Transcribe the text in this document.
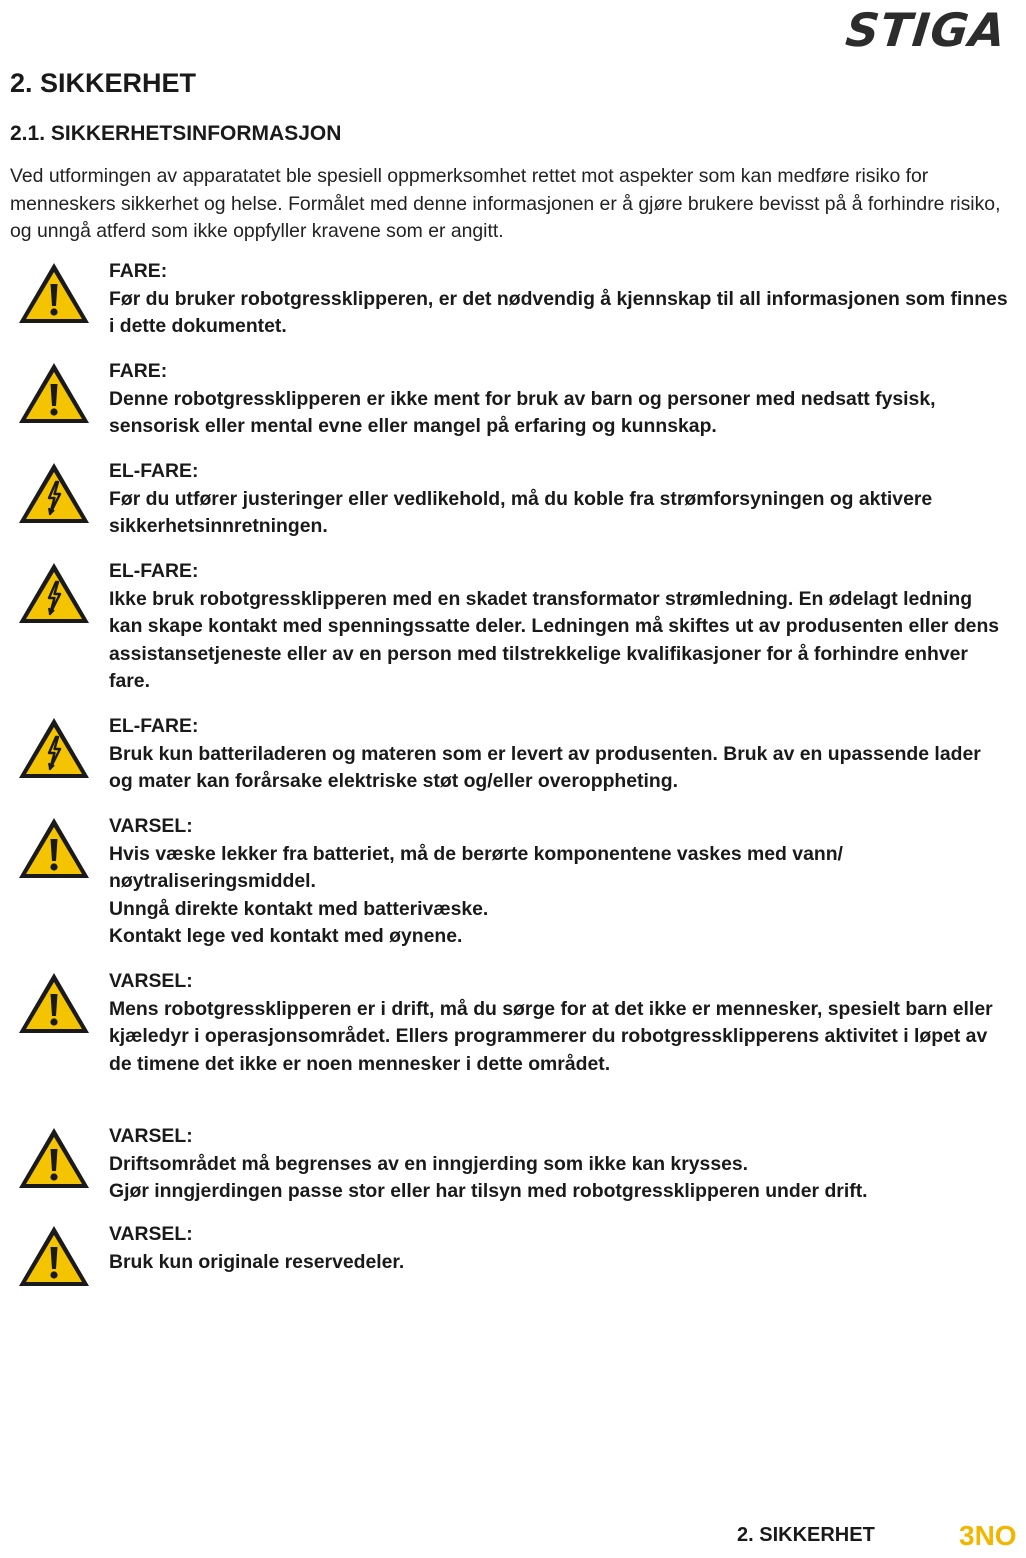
STIGA
2. SIKKERHET
2.1. SIKKERHETSINFORMASJON

Ved utformingen av apparatatet ble spesiell oppmerksomhet rettet mot aspekter som kan medføre risiko for menneskers sikkerhet og helse. Formålet med denne informasjonen er å gjøre brukere bevisst på å forhindre risiko, og unngå atferd som ikke oppfyller kravene som er angitt.

FARE:
Før du bruker robotgressklipperen, er det nødvendig å kjennskap til all informasjonen som finnes i dette dokumentet.
FARE:
Denne robotgressklipperen er ikke ment for bruk av barn og personer med nedsatt fysisk, sensorisk eller mental evne eller mangel på erfaring og kunnskap.
EL-FARE:
Før du utfører justeringer eller vedlikehold, må du koble fra strømforsyningen og aktivere sikkerhetsinnretningen.
EL-FARE:
Ikke bruk robotgressklipperen med en skadet transformator strømledning. En ødelagt ledning kan skape kontakt med spenningssatte deler. Ledningen må skiftes ut av produsenten eller dens assistansetjeneste eller av en person med tilstrekkelige kvalifikasjoner for å forhindre enhver fare.
EL-FARE:
Bruk kun batteriladeren og materen som er levert av produsenten. Bruk av en upassende lader og mater kan forårsake elektriske støt og/eller overoppheting.
VARSEL:
Hvis væske lekker fra batteriet, må de berørte komponentene vaskes med vann/ nøytraliseringsmiddel.
Unngå direkte kontakt med batterivæske.
Kontakt lege ved kontakt med øynene.
VARSEL:
Mens robotgressklipperen er i drift, må du sørge for at det ikke er mennesker, spesielt barn eller kjæledyr i operasjonsområdet. Ellers programmerer du robotgressklipperens aktivitet i løpet av de timene det ikke er noen mennesker i dette området.
VARSEL:
Driftsområdet må begrenses av en inngjerding som ikke kan krysses.
Gjør inngjerdingen passe stor eller har tilsyn med robotgressklipperen under drift.
VARSEL:
Bruk kun originale reservedeler.
2. SIKKERHET	3NO
